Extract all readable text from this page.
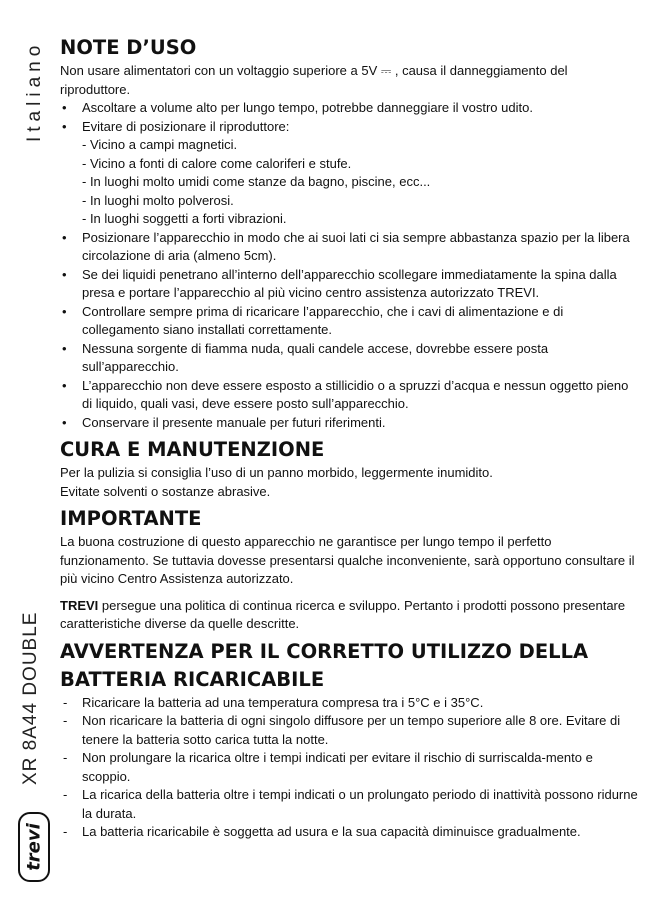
Italiano
XR 8A44 DOUBLE
trevi
NOTE D’USO

Non usare alimentatori con un voltaggio superiore a 5V ⎓ , causa il danneggiamento del riproduttore.

• Ascoltare a volume alto per lungo tempo, potrebbe danneggiare il vostro udito.
• Evitare di posizionare il riproduttore:
- Vicino a campi magnetici.
- Vicino a fonti di calore come caloriferi e stufe.
- In luoghi molto umidi come stanze da bagno, piscine, ecc...
- In luoghi molto polverosi.
- In luoghi soggetti a forti vibrazioni.
• Posizionare l’apparecchio in modo che ai suoi lati ci sia sempre abbastanza spazio per la libera circolazione di aria (almeno 5cm).
• Se dei liquidi penetrano all’interno dell’apparecchio scollegare immediatamente la spina dalla presa e portare l’apparecchio al più vicino centro assistenza autorizzato TREVI.
• Controllare sempre prima di ricaricare l’apparecchio, che i cavi di alimentazione e di collegamento siano installati correttamente.
• Nessuna sorgente di fiamma nuda, quali candele accese, dovrebbe essere posta sull’apparecchio.
• L’apparecchio non deve essere esposto a stillicidio o a spruzzi d’acqua e nessun oggetto pieno di liquido, quali vasi, deve essere posto sull’apparecchio.
• Conservare il presente manuale per futuri riferimenti.
CURA E MANUTENZIONE

Per la pulizia si consiglia l’uso di un panno morbido, leggermente inumidito.

Evitate solventi o sostanze abrasive.

IMPORTANTE

La buona costruzione di questo apparecchio ne garantisce per lungo tempo il perfetto funzionamento. Se tuttavia dovesse presentarsi qualche inconveniente, sarà opportuno consultare il più vicino Centro Assistenza autorizzato.

TREVI persegue una politica di continua ricerca e sviluppo. Pertanto i prodotti possono presentare caratteristiche diverse da quelle descritte.

AVVERTENZA PER IL CORRETTO UTILIZZO DELLA
BATTERIA RICARICABILE
- Ricaricare la batteria ad una temperatura compresa tra i 5°C e i 35°C.
- Non ricaricare la batteria di ogni singolo diffusore per un tempo superiore alle 8 ore. Evitare di tenere la batteria sotto carica tutta la notte.
- Non prolungare la ricarica oltre i tempi indicati per evitare il rischio di surriscalda-mento e scoppio.
- La ricarica della batteria oltre i tempi indicati o un prolungato periodo di inattività possono ridurne la durata.
- La batteria ricaricabile è soggetta ad usura e la sua capacità diminuisce gradualmente.
